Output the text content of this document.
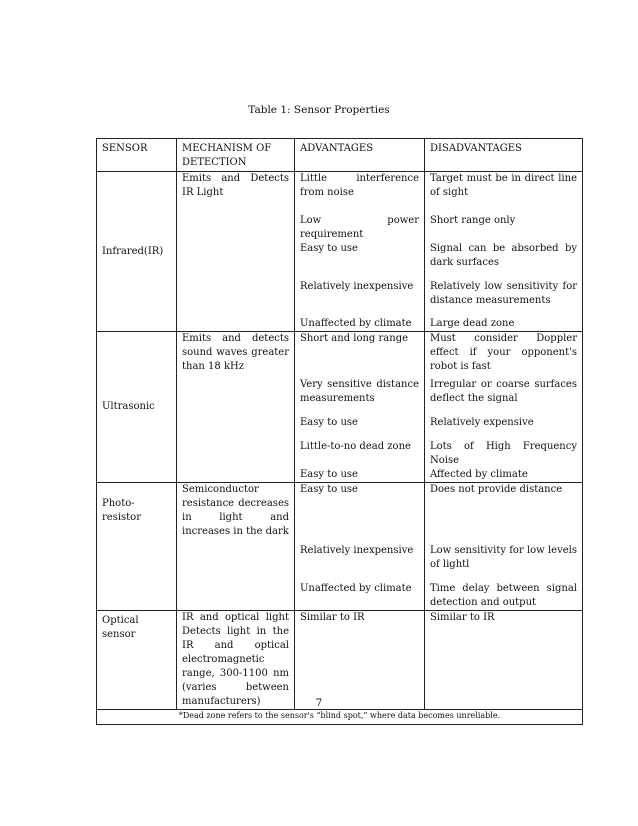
Table 1: Sensor Properties
SENSOR	MECHANISM OF DETECTION	ADVANTAGES	DISADVANTAGES
Infrared(IR)	Emits and Detects IR Light	Little interference from noise	Target must be in direct line of sight
		Low power requirement	Short range only
		Easy to use	Signal can be absorbed by dark surfaces
		Relatively inexpensive	Relatively low sensitivity for distance measurements
		Unaffected by climate	Large dead zone
Ultrasonic	Emits and detects sound waves greater than 18 kHz	Short and long range	Must consider Doppler effect if your opponent's robot is fast
		Very sensitive distance measurements	Irregular or coarse surfaces deflect the signal
		Easy to use	Relatively expensive
		Little-to-no dead zone	Lots of High Frequency Noise
		Easy to use	Affected by climate
Photo-resistor	Semiconductor resistance decreases in light and increases in the dark	Easy to use	Does not provide distance
		Relatively inexpensive	Low sensitivity for low levels of lightl
		Unaffected by climate	Time delay between signal detection and output
Optical sensor	IR and optical light Detects light in the IR and optical electromagnetic range, 300-1100 nm (varies between manufacturers)	Similar to IR	Similar to IR
*Dead zone refers to the sensor's “blind spot,” where data becomes unreliable.			
7
